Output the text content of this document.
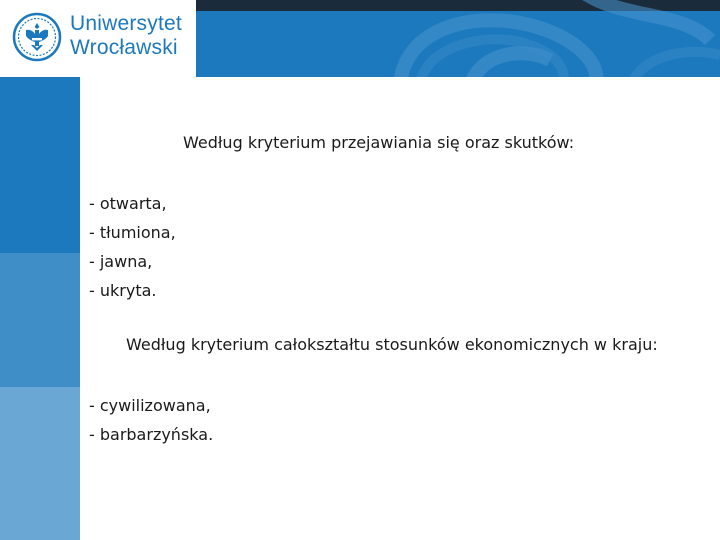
Uniwersytet
Wrocławski
Według kryterium przejawiania się oraz skutków:
- otwarta,
- tłumiona,
- jawna,
- ukryta.
Według kryterium całokształtu stosunków ekonomicznych w kraju:
- cywilizowana,
- barbarzyńska.
